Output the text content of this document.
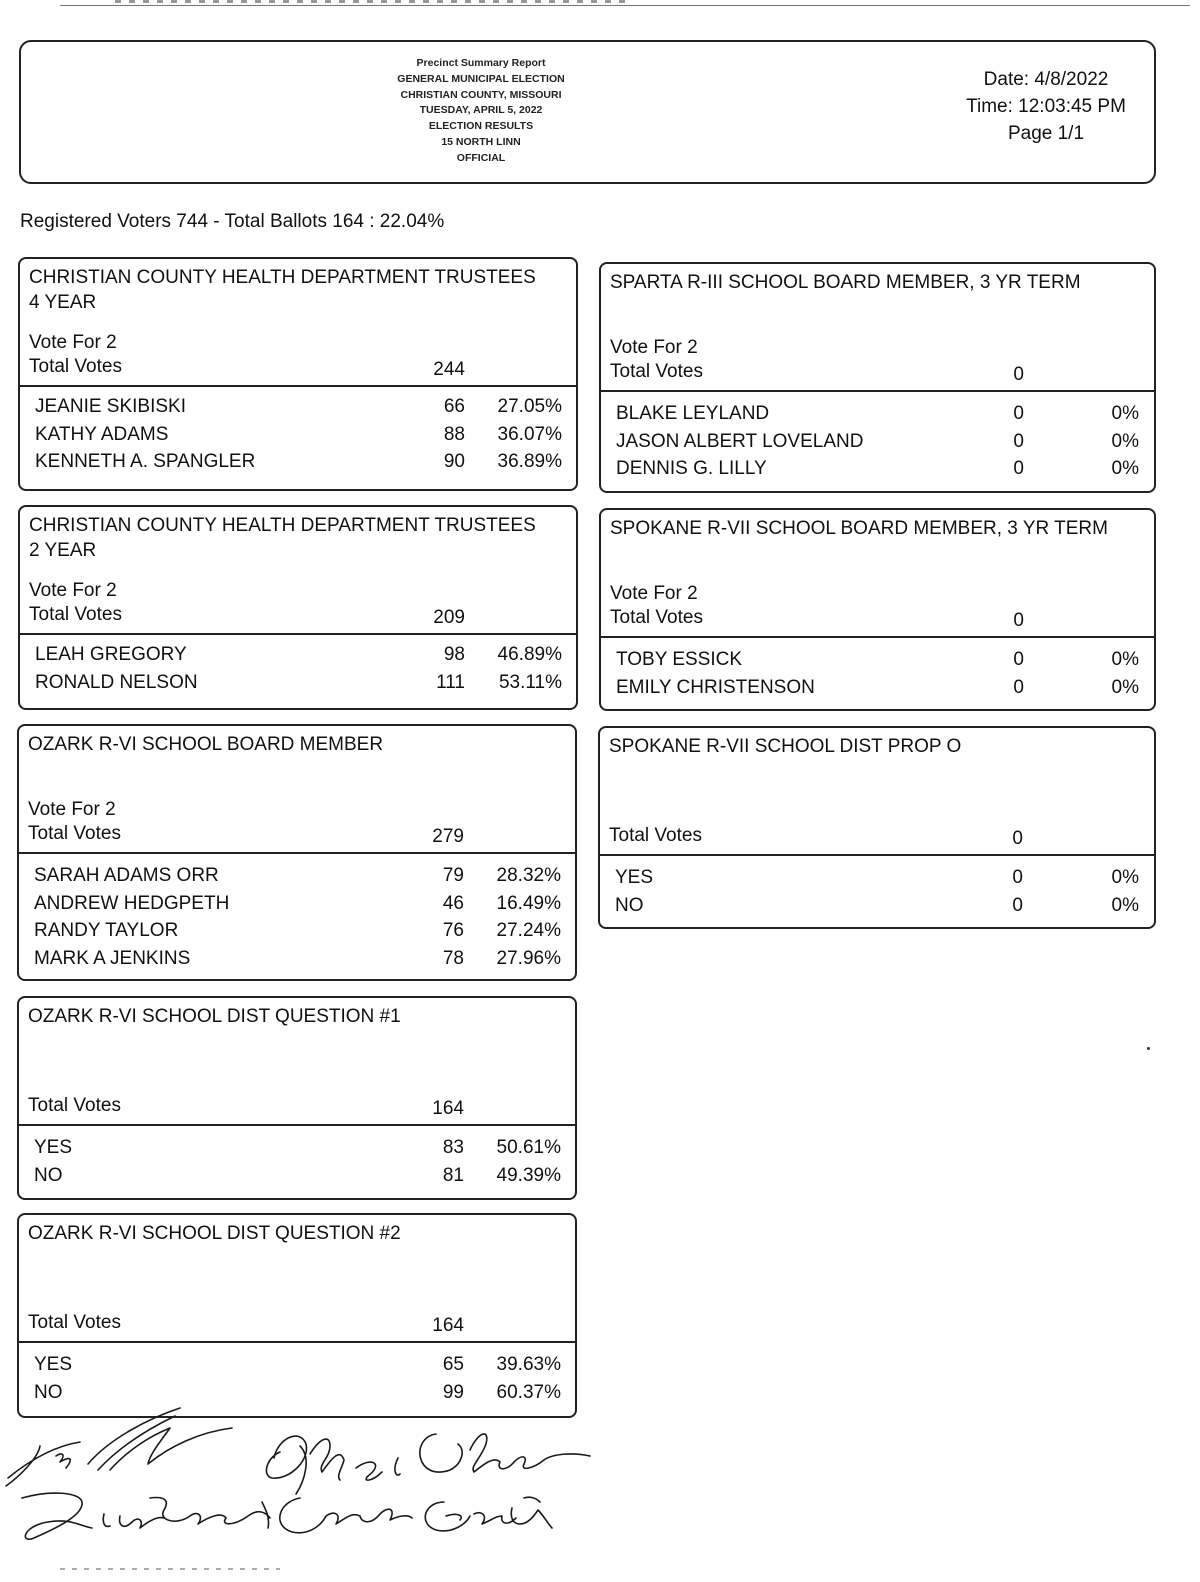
Precinct Summary Report
GENERAL MUNICIPAL ELECTION
CHRISTIAN COUNTY, MISSOURI
TUESDAY, APRIL 5, 2022
ELECTION RESULTS
15 NORTH LINN
OFFICIAL
Date: 4/8/2022
Time: 12:03:45 PM
Page 1/1
Registered Voters 744 - Total Ballots 164 : 22.04%
CHRISTIAN COUNTY HEALTH DEPARTMENT TRUSTEES
4 YEAR
Vote For 2
Total Votes	244
JEANIE SKIBISKI	66	27.05%
KATHY ADAMS	88	36.07%
KENNETH A. SPANGLER	90	36.89%
CHRISTIAN COUNTY HEALTH DEPARTMENT TRUSTEES
2 YEAR
Vote For 2
Total Votes	209
LEAH GREGORY	98	46.89%
RONALD NELSON	111	53.11%
OZARK R-VI SCHOOL BOARD MEMBER
Vote For 2
Total Votes	279
SARAH ADAMS ORR	79	28.32%
ANDREW HEDGPETH	46	16.49%
RANDY TAYLOR	76	27.24%
MARK A JENKINS	78	27.96%
OZARK R-VI SCHOOL DIST QUESTION #1
Total Votes	164
YES	83	50.61%
NO	81	49.39%
OZARK R-VI SCHOOL DIST QUESTION #2
Total Votes	164
YES	65	39.63%
NO	99	60.37%
SPARTA R-III SCHOOL BOARD MEMBER, 3 YR TERM
Vote For 2
Total Votes	0
BLAKE LEYLAND	0	0%
JASON ALBERT LOVELAND	0	0%
DENNIS G. LILLY	0	0%
SPOKANE R-VII SCHOOL BOARD MEMBER, 3 YR TERM
Vote For 2
Total Votes	0
TOBY ESSICK	0	0%
EMILY CHRISTENSON	0	0%
SPOKANE R-VII SCHOOL DIST PROP O
Total Votes	0
YES	0	0%
NO	0	0%
